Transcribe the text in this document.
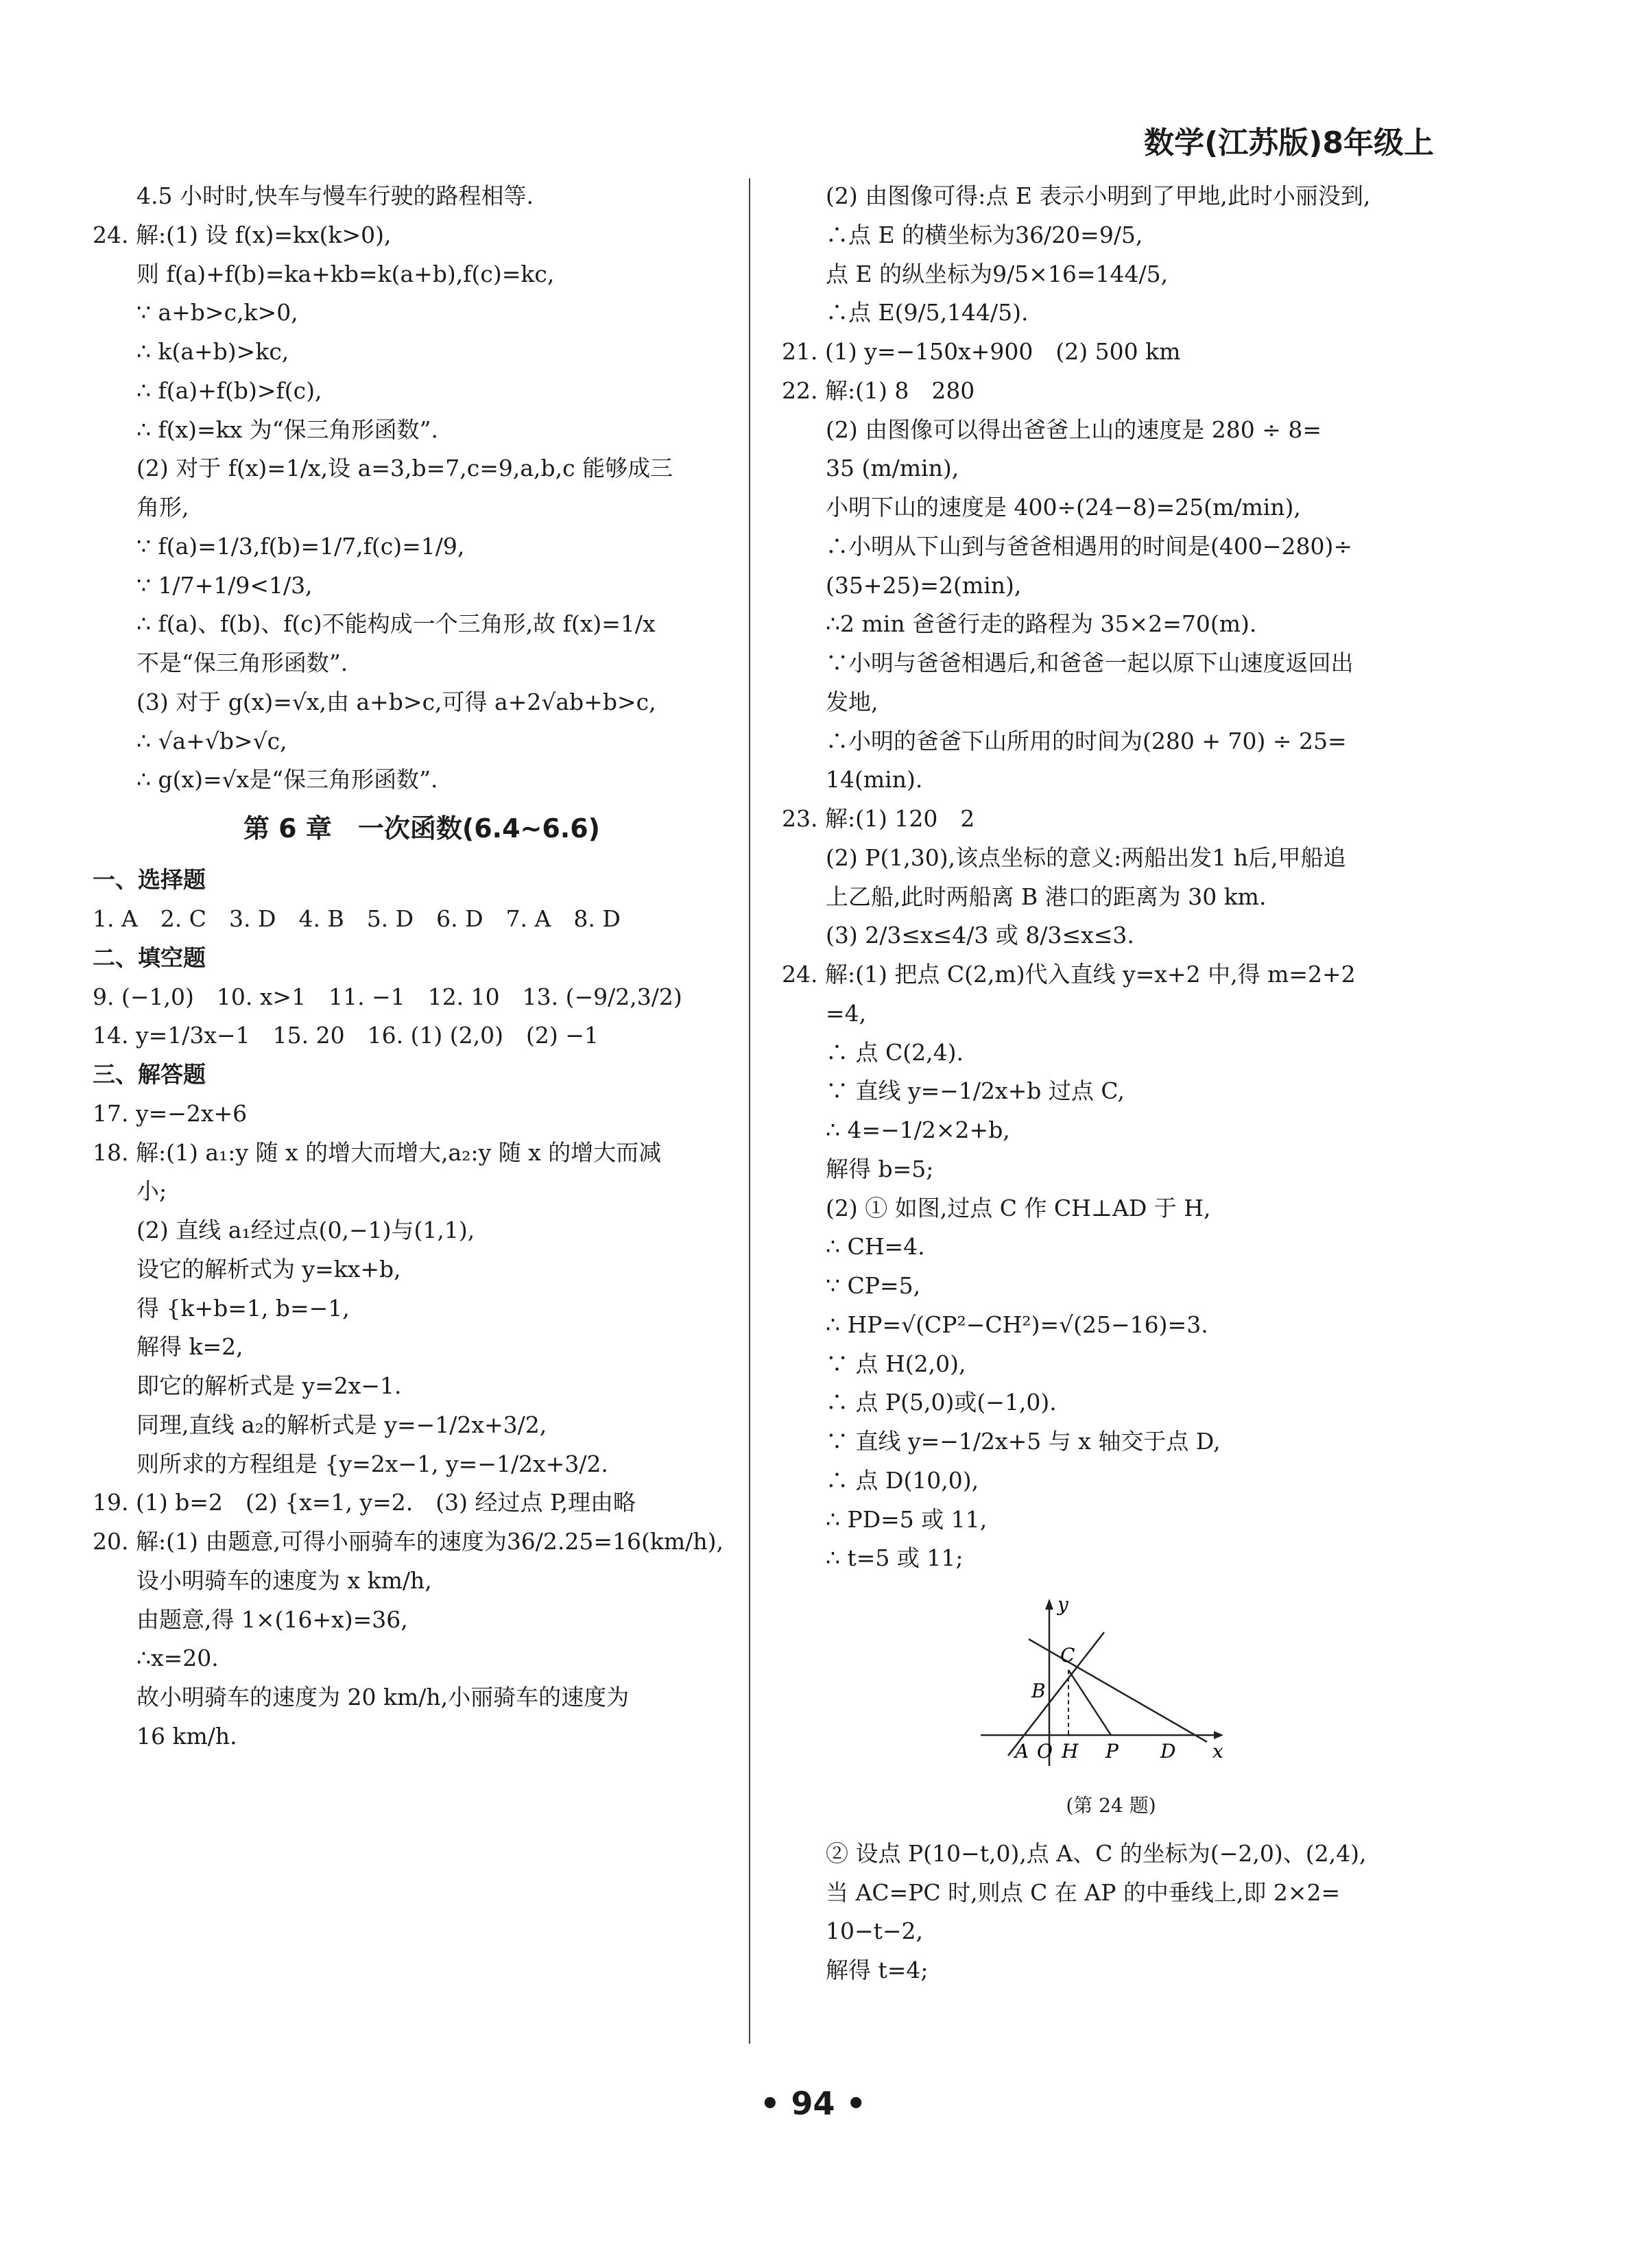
数学(江苏版)8年级上

4.5 小时时,快车与慢车行驶的路程相等.

24. 解:(1) 设 f(x)=kx(k>0),

则 f(a)+f(b)=ka+kb=k(a+b),f(c)=kc,

∵ a+b>c,k>0,

∴ k(a+b)>kc,

∴ f(a)+f(b)>f(c),

∴ f(x)=kx 为“保三角形函数”.

(2) 对于 f(x)=1/x,设 a=3,b=7,c=9,a,b,c 能够成三

角形,

∵ f(a)=1/3,f(b)=1/7,f(c)=1/9,

∵ 1/7+1/9<1/3,

∴ f(a)、f(b)、f(c)不能构成一个三角形,故 f(x)=1/x

不是“保三角形函数”.

(3) 对于 g(x)=√x,由 a+b>c,可得 a+2√ab+b>c,

∴ √a+√b>√c,

∴ g(x)=√x是“保三角形函数”.

第 6 章　一次函数(6.4~6.6)

一、选择题

1. A　2. C　3. D　4. B　5. D　6. D　7. A　8. D

二、填空题

9. (−1,0)　10. x>1　11. −1　12. 10　13. (−9/2,3/2)

14. y=1/3x−1　15. 20　16. (1) (2,0)　(2) −1

三、解答题

17. y=−2x+6

18. 解:(1) a₁:y 随 x 的增大而增大,a₂:y 随 x 的增大而减

小;

(2) 直线 a₁经过点(0,−1)与(1,1),

设它的解析式为 y=kx+b,

得 {k+b=1, b=−1,

解得 k=2,

即它的解析式是 y=2x−1.

同理,直线 a₂的解析式是 y=−1/2x+3/2,

则所求的方程组是 {y=2x−1, y=−1/2x+3/2.

19. (1) b=2　(2) {x=1, y=2.　(3) 经过点 P,理由略

20. 解:(1) 由题意,可得小丽骑车的速度为36/2.25=16(km/h),

设小明骑车的速度为 x km/h,

由题意,得 1×(16+x)=36,

∴x=20.

故小明骑车的速度为 20 km/h,小丽骑车的速度为

16 km/h.

(2) 由图像可得:点 E 表示小明到了甲地,此时小丽没到,

∴点 E 的横坐标为36/20=9/5,

点 E 的纵坐标为9/5×16=144/5,

∴点 E(9/5,144/5).

21. (1) y=−150x+900　(2) 500 km

22. 解:(1) 8　280

(2) 由图像可以得出爸爸上山的速度是 280 ÷ 8=

35 (m/min),

小明下山的速度是 400÷(24−8)=25(m/min),

∴小明从下山到与爸爸相遇用的时间是(400−280)÷

(35+25)=2(min),

∴2 min 爸爸行走的路程为 35×2=70(m).

∵小明与爸爸相遇后,和爸爸一起以原下山速度返回出

发地,

∴小明的爸爸下山所用的时间为(280 + 70) ÷ 25=

14(min).

23. 解:(1) 120　2

(2) P(1,30),该点坐标的意义:两船出发1 h后,甲船追

上乙船,此时两船离 B 港口的距离为 30 km.

(3) 2/3≤x≤4/3 或 8/3≤x≤3.

24. 解:(1) 把点 C(2,m)代入直线 y=x+2 中,得 m=2+2

=4,

∴ 点 C(2,4).

∵ 直线 y=−1/2x+b 过点 C,

∴ 4=−1/2×2+b,

解得 b=5;

(2) ① 如图,过点 C 作 CH⊥AD 于 H,

∴ CH=4.

∵ CP=5,

∴ HP=√(CP²−CH²)=√(25−16)=3.

∵ 点 H(2,0),

∴ 点 P(5,0)或(−1,0).

∵ 直线 y=−1/2x+5 与 x 轴交于点 D,

∴ 点 D(10,0),

∴ PD=5 或 11,

∴ t=5 或 11;

y
x
A O H P D
B
C
(第 24 题)

② 设点 P(10−t,0),点 A、C 的坐标为(−2,0)、(2,4),

当 AC=PC 时,则点 C 在 AP 的中垂线上,即 2×2=

10−t−2,

解得 t=4;

• 94 •
